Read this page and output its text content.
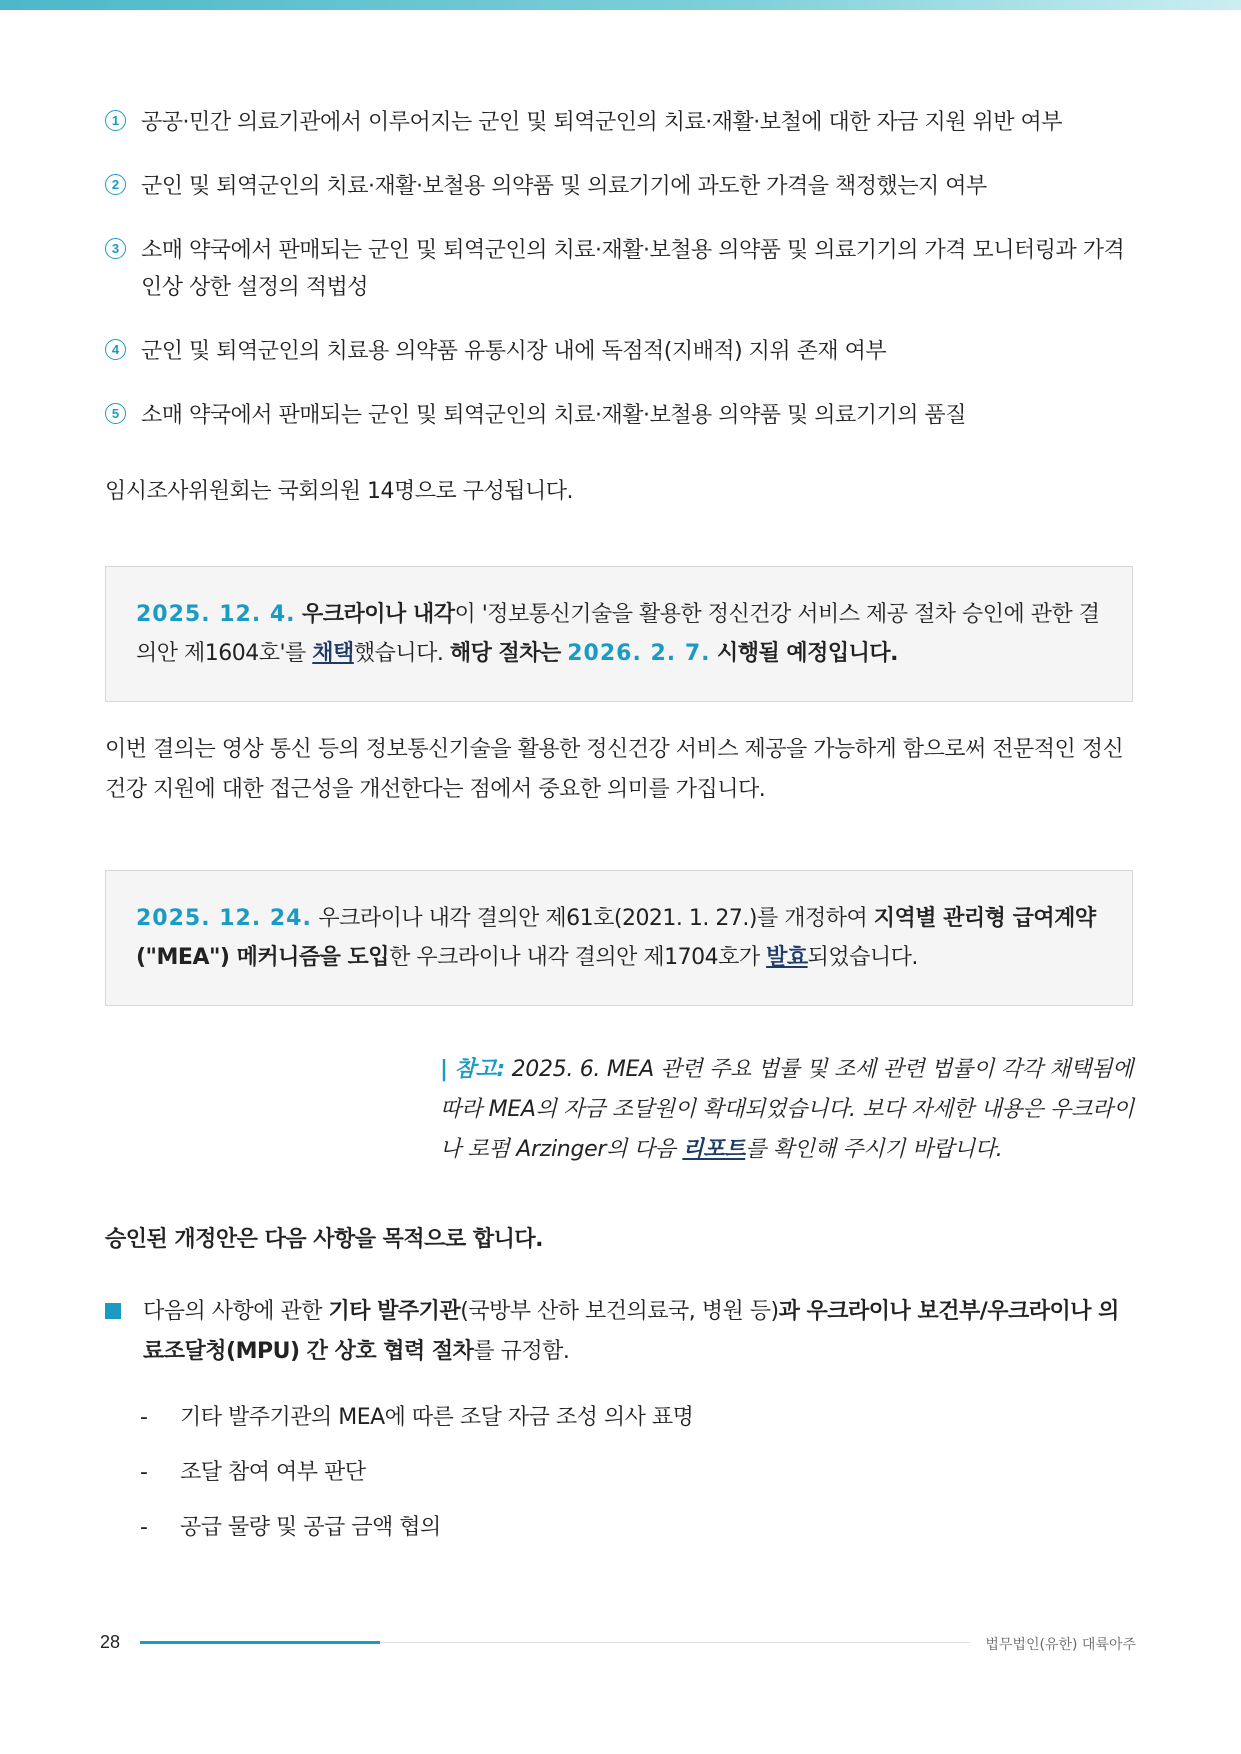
1 공공·민간 의료기관에서 이루어지는 군인 및 퇴역군인의 치료·재활·보철에 대한 자금 지원 위반 여부
2 군인 및 퇴역군인의 치료·재활·보철용 의약품 및 의료기기에 과도한 가격을 책정했는지 여부
3 소매 약국에서 판매되는 군인 및 퇴역군인의 치료·재활·보철용 의약품 및 의료기기의 가격 모니터링과 가격 인상 상한 설정의 적법성
4 군인 및 퇴역군인의 치료용 의약품 유통시장 내에 독점적(지배적) 지위 존재 여부
5 소매 약국에서 판매되는 군인 및 퇴역군인의 치료·재활·보철용 의약품 및 의료기기의 품질
임시조사위원회는 국회의원 14명으로 구성됩니다.
2025. 12. 4. 우크라이나 내각이 '정보통신기술을 활용한 정신건강 서비스 제공 절차 승인에 관한 결의안 제1604호'를 채택했습니다. 해당 절차는 2026. 2. 7. 시행될 예정입니다.
이번 결의는 영상 통신 등의 정보통신기술을 활용한 정신건강 서비스 제공을 가능하게 함으로써 전문적인 정신건강 지원에 대한 접근성을 개선한다는 점에서 중요한 의미를 가집니다.
2025. 12. 24. 우크라이나 내각 결의안 제61호(2021. 1. 27.)를 개정하여 지역별 관리형 급여계약("MEA") 메커니즘을 도입한 우크라이나 내각 결의안 제1704호가 발효되었습니다.
| 참고: 2025. 6. MEA 관련 주요 법률 및 조세 관련 법률이 각각 채택됨에 따라 MEA의 자금 조달원이 확대되었습니다. 보다 자세한 내용은 우크라이나 로펌 Arzinger의 다음 리포트를 확인해 주시기 바랍니다.
승인된 개정안은 다음 사항을 목적으로 합니다.
다음의 사항에 관한 기타 발주기관(국방부 산하 보건의료국, 병원 등)과 우크라이나 보건부/우크라이나 의료조달청(MPU) 간 상호 협력 절차를 규정함.
-	기타 발주기관의 MEA에 따른 조달 자금 조성 의사 표명
-	조달 참여 여부 판단
-	공급 물량 및 공급 금액 협의
28	법무법인(유한) 대륙아주
